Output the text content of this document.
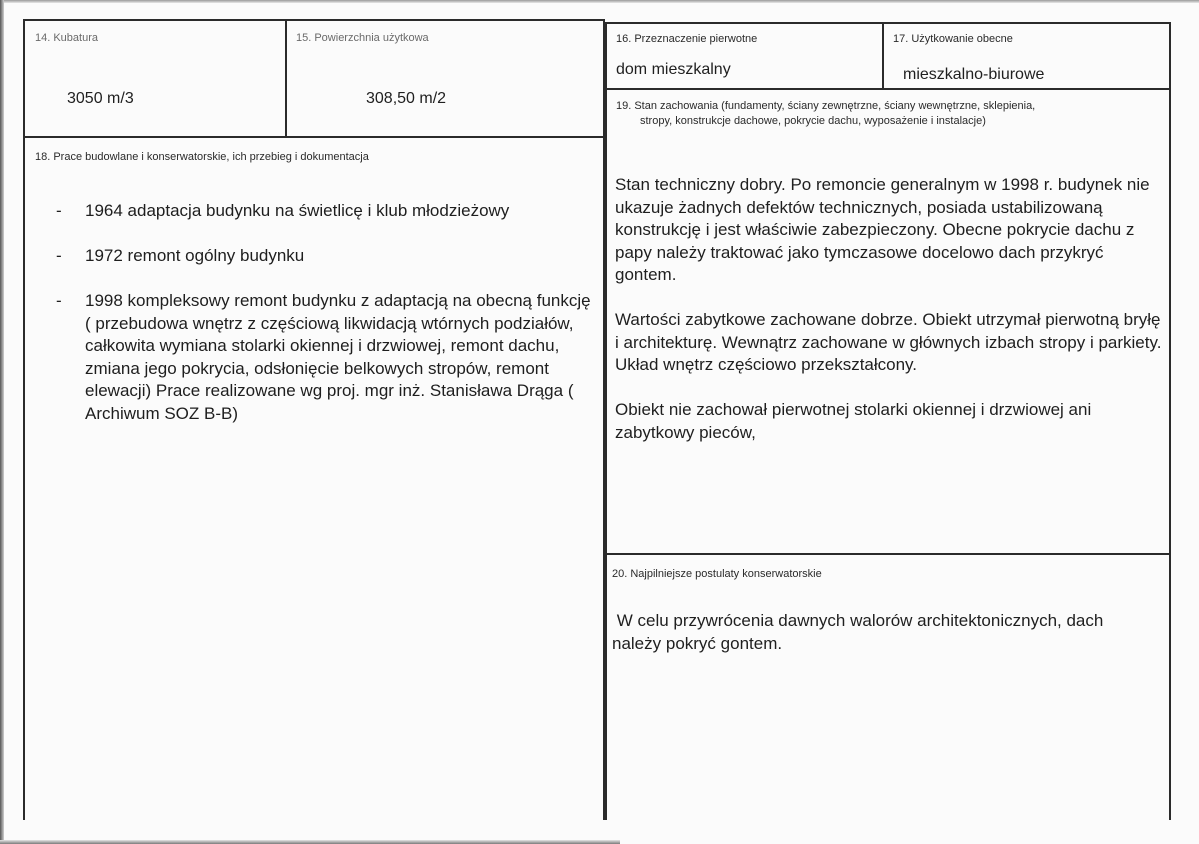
14. Kubatura
3050 m/3
15. Powierzchnia użytkowa
308,50 m/2
16. Przeznaczenie pierwotne
dom mieszkalny
17. Użytkowanie obecne
mieszkalno-biurowe
18. Prace budowlane i konserwatorskie, ich przebieg i dokumentacja
- 1964 adaptacja budynku na świetlicę i klub młodzieżowy
- 1972 remont ogólny budynku
- 1998 kompleksowy remont budynku z adaptacją na obecną funkcję ( przebudowa wnętrz z częściową likwidacją wtórnych podziałów, całkowita wymiana stolarki okiennej i drzwiowej, remont dachu, zmiana jego pokrycia, odsłonięcie belkowych stropów, remont elewacji) Prace realizowane wg proj. mgr inż. Stanisława Drąga ( Archiwum SOZ B-B)
19. Stan zachowania (fundamenty, ściany zewnętrzne, ściany wewnętrzne, sklepienia,
stropy, konstrukcje dachowe, pokrycie dachu, wyposażenie i instalacje)

Stan techniczny dobry. Po remoncie generalnym w 1998 r. budynek nie ukazuje żadnych defektów technicznych, posiada ustabilizowaną konstrukcję i jest właściwie zabezpieczony. Obecne pokrycie dachu z papy należy traktować jako tymczasowe docelowo dach przykryć gontem.

Wartości zabytkowe zachowane dobrze. Obiekt utrzymał pierwotną bryłę i architekturę. Wewnątrz zachowane w głównych izbach stropy i parkiety. Układ wnętrz częściowo przekształcony.

Obiekt nie zachował pierwotnej stolarki okiennej i drzwiowej ani zabytkowy pieców,

20. Najpilniejsze postulaty konserwatorskie
W celu przywrócenia dawnych walorów architektonicznych, dach należy pokryć gontem.
